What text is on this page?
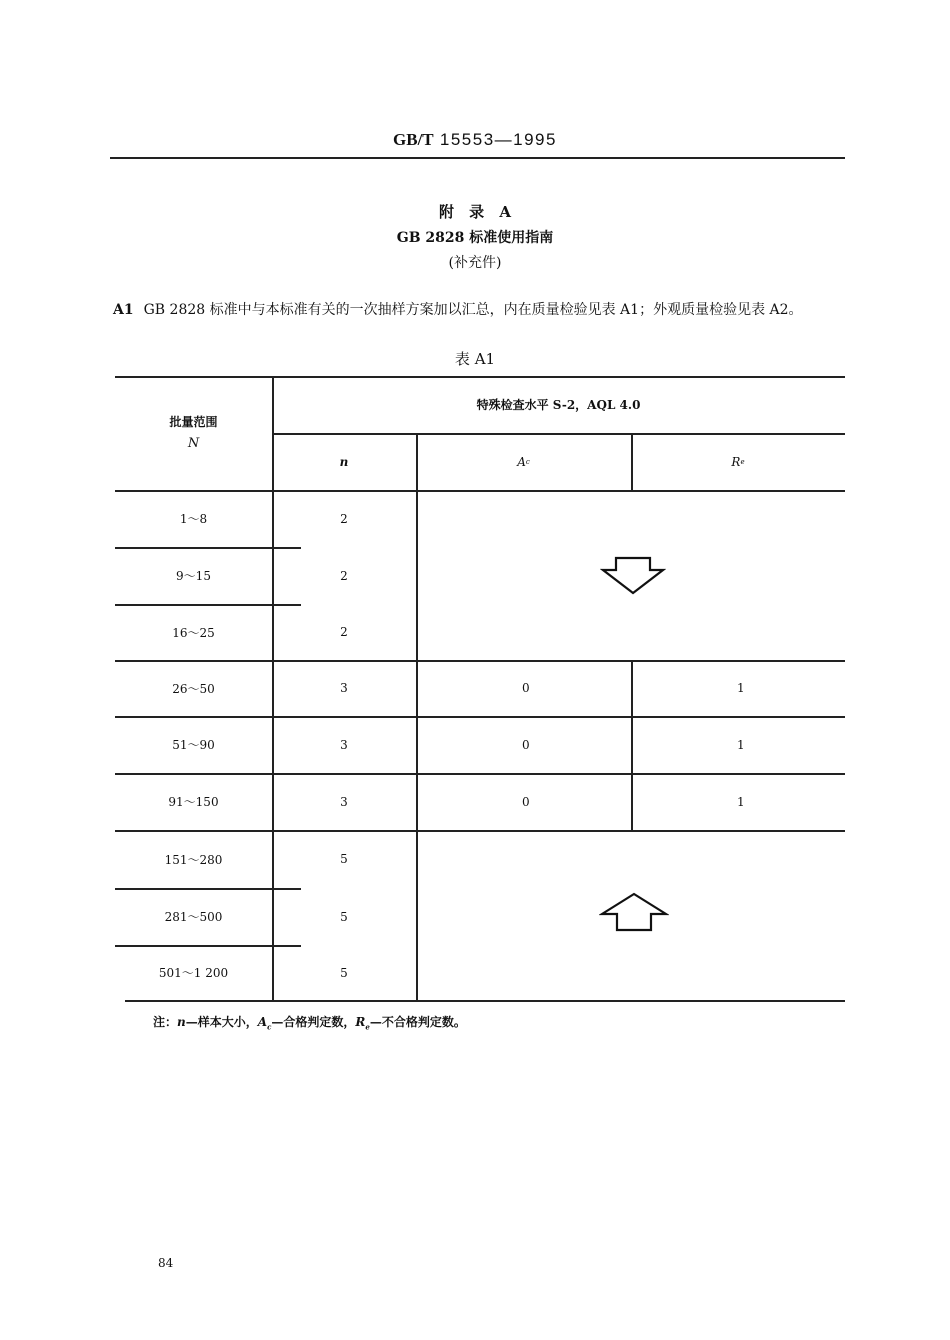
GB/T 15553—1995
附 录 A
GB 2828 标准使用指南
(补充件)
A1 GB 2828 标准中与本标准有关的一次抽样方案加以汇总，内在质量检验见表 A1；外观质量检验见表 A2。
表 A1
批量范围
N
特殊检查水平 S-2，AQL 4.0
n	A c	R e
1～8	2
9～15	2
16～25	2
26～50	3	0	1
51～90	3	0	1
91～150	3	0	1
151～280	5
281～500	5
501～1 200	5
注：n—样本大小，$A_c—$合格判定数，$R_e—$不合格判定数。
84
